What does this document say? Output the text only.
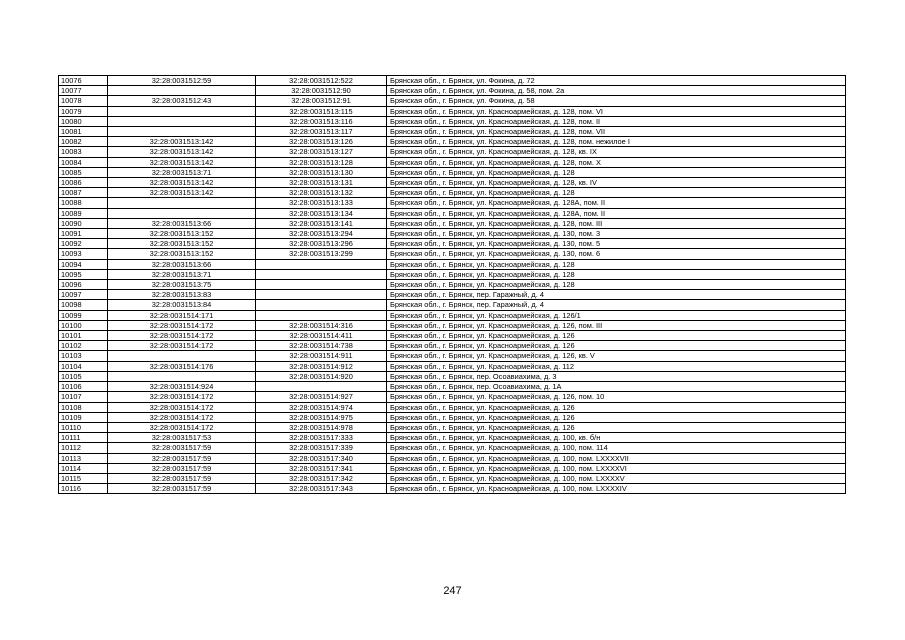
10076	32:28:0031512:59	32:28:0031512:522	Брянская обл., г. Брянск, ул. Фокина, д. 72
10077		32:28:0031512:90	Брянская обл., г. Брянск, ул. Фокина, д. 58, пом. 2а
10078	32:28:0031512:43	32:28:0031512:91	Брянская обл., г. Брянск, ул. Фокина, д. 58
10079		32:28:0031513:115	Брянская обл., г. Брянск, ул. Красноармейская, д. 128, пом. VI
10080		32:28:0031513:116	Брянская обл., г. Брянск, ул. Красноармейская, д. 128, пом. II
10081		32:28:0031513:117	Брянская обл., г. Брянск, ул. Красноармейская, д. 128, пом. VII
10082	32:28:0031513:142	32:28:0031513:126	Брянская обл., г. Брянск, ул. Красноармейская, д. 128, пом. нежилое I
10083	32:28:0031513:142	32:28:0031513:127	Брянская обл., г. Брянск, ул. Красноармейская, д. 128, кв. IX
10084	32:28:0031513:142	32:28:0031513:128	Брянская обл., г. Брянск, ул. Красноармейская, д. 128, пом. X
10085	32:28:0031513:71	32:28:0031513:130	Брянская обл., г. Брянск, ул. Красноармейская, д. 128
10086	32:28:0031513:142	32:28:0031513:131	Брянская обл., г. Брянск, ул. Красноармейская, д. 128, кв. IV
10087	32:28:0031513:142	32:28:0031513:132	Брянская обл., г. Брянск, ул. Красноармейская, д. 128
10088		32:28:0031513:133	Брянская обл., г. Брянск, ул. Красноармейская, д. 128А, пом. II
10089		32:28:0031513:134	Брянская обл., г. Брянск, ул. Красноармейская, д. 128А, пом. II
10090	32:28:0031513:66	32:28:0031513:141	Брянская обл., г. Брянск, ул. Красноармейская, д. 128, пом. III
10091	32:28:0031513:152	32:28:0031513:294	Брянская обл., г. Брянск, ул. Красноармейская, д. 130, пом. 3
10092	32:28:0031513:152	32:28:0031513:296	Брянская обл., г. Брянск, ул. Красноармейская, д. 130, пом. 5
10093	32:28:0031513:152	32:28:0031513:299	Брянская обл., г. Брянск, ул. Красноармейская, д. 130, пом. 6
10094	32:28:0031513:66		Брянская обл., г. Брянск, ул. Красноармейская, д. 128
10095	32:28:0031513:71		Брянская обл., г. Брянск, ул. Красноармейская, д. 128
10096	32:28:0031513:75		Брянская обл., г. Брянск, ул. Красноармейская, д. 128
10097	32:28:0031513:83		Брянская обл., г. Брянск, пер. Гаражный, д. 4
10098	32:28:0031513:84		Брянская обл., г. Брянск, пер. Гаражный, д. 4
10099	32:28:0031514:171		Брянская обл., г. Брянск, ул. Красноармейская, д. 126/1
10100	32:28:0031514:172	32:28:0031514:316	Брянская обл., г. Брянск, ул. Красноармейская, д. 126, пом. III
10101	32:28:0031514:172	32:28:0031514:411	Брянская обл., г. Брянск, ул. Красноармейская, д. 126
10102	32:28:0031514:172	32:28:0031514:738	Брянская обл., г. Брянск, ул. Красноармейская, д. 126
10103		32:28:0031514:911	Брянская обл., г. Брянск, ул. Красноармейская, д. 126, кв. V
10104	32:28:0031514:176	32:28:0031514:912	Брянская обл., г. Брянск, ул. Красноармейская, д. 112
10105		32:28:0031514:920	Брянская обл., г. Брянск, пер. Осоавиахима, д. 3
10106	32:28:0031514:924		Брянская обл., г. Брянск, пер. Осоавиахима, д. 1А
10107	32:28:0031514:172	32:28:0031514:927	Брянская обл., г. Брянск, ул. Красноармейская, д. 126, пом. 10
10108	32:28:0031514:172	32:28:0031514:974	Брянская обл., г. Брянск, ул. Красноармейская, д. 126
10109	32:28:0031514:172	32:28:0031514:975	Брянская обл., г. Брянск, ул. Красноармейская, д. 126
10110	32:28:0031514:172	32:28:0031514:978	Брянская обл., г. Брянск, ул. Красноармейская, д. 126
10111	32:28:0031517:53	32:28:0031517:333	Брянская обл., г. Брянск, ул. Красноармейская, д. 100, кв. б/н
10112	32:28:0031517:59	32:28:0031517:339	Брянская обл., г. Брянск, ул. Красноармейская, д. 100, пом. 114
10113	32:28:0031517:59	32:28:0031517:340	Брянская обл., г. Брянск, ул. Красноармейская, д. 100, пом. LXXXXVII
10114	32:28:0031517:59	32:28:0031517:341	Брянская обл., г. Брянск, ул. Красноармейская, д. 100, пом. LXXXXVI
10115	32:28:0031517:59	32:28:0031517:342	Брянская обл., г. Брянск, ул. Красноармейская, д. 100, пом. LXXXXV
10116	32:28:0031517:59	32:28:0031517:343	Брянская обл., г. Брянск, ул. Красноармейская, д. 100, пом. LXXXXIV
247
